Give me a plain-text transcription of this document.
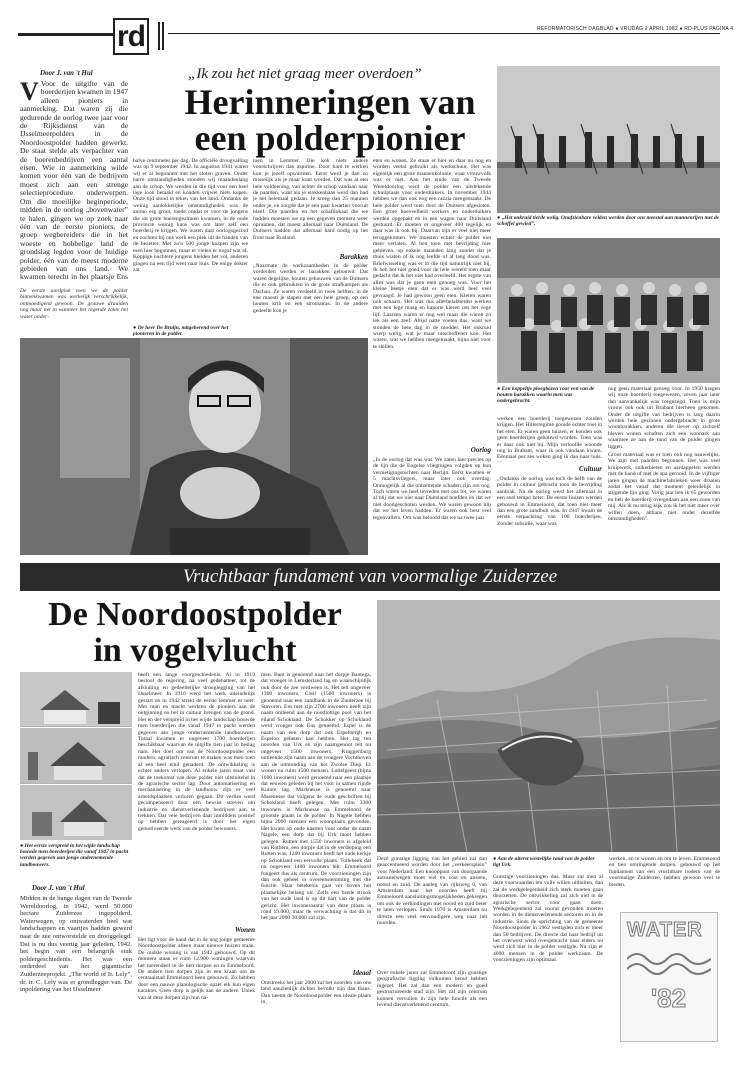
rd	REFORMATORISCH DAGBLAD ● VRIJDAG 2 APRIL 1982 ● RD-PLUS PAGINA 4
Door J. van 't Hul
V Voor de uitgifte van de boerderijen kwamen in 1947 alleen pioniers in aanmerking. Dat waren zij die gedurende de oorlog twee jaar voor de Rijksdienst van de IJsselmeerpolders in de Noordoostpolder hadden gewerkt. De staat stelde als verpachter van de boerenbedrijven een aantal eisen. Wie in aanmerking wilde komen voor één van de bedrijven moest zich aan een strenge selectieprocedure onderwerpen. Om die moeilijke beginperiode, midden in de oorlog „bovenwater” te halen, gingen we op zoek naar één van de eerste pioniers, de groep wegbereiders die in het woeste en hobbelige land de grondslag legden voor de huidige polder, één van de meest moderne gebieden van ons land. We kwamen terecht in het plaatsje Ens
De eerste aardplok toen we de polder binnenkwamen was werkelijk verschrikkelijk, ontmoedigend gewoon. De grauwe draaiden nog maar net in wanneer het regende zakte het water onder-
„Ik zou het niet graag meer overdoen”
Herinneringen van
een polderpionier
halve centimeter per dag. De officiële droogvalling was op 9 september 1942. In augustus 1941 waren wij er al begonnen met het sloten graven. Onder barre omstandigheden stonden wij maandenlang aan de schop. We werden in die tijd voor een heel lage loon betaald en konden vrijwel niets kopen. Onze tijd stond in teken van het land. Ondanks de weinig aanlokkelijke omstandigheden was de animo erg groot, mede omdat er voor de jongens die uit grote boerengezinnen kwamen, in de oude provincie weinig kans was om later zelf een boerderij te krijgen. We waren daar oorlogsgezind en zochten bij ons werk een plek uit de handen van de bezetter. Met zo'n 500 jonge knapen zijn we toen hier begonnen, maar er vielen er nogal wat af. Koppige nuchtere jongens hielden het vol, anderen gingen na een tijd weer naar huis. De enige dokter zat
● De heer De Bruijn, mitgeberend over het pionieren in de polder.
toen in Lemmer. Die kok niets andere voorschrijven dan aspirine. Door hard te werken kon je jezelf opwarmen. Eerst werd je dan zo misselijk als je maar kunt worden. Dat was al een hele voldoening, van achter de schop vandaan naar de paarden, want als je stokkenhaas werd dan had je het helemaal gedaan. Je kreeg dan 25 mannen onder je, en zorgde dat je een paar kwartier vooruit bleef. Die paarden en het schaftlokaal die we hadden moesten we op een gegeven moment weer opruimen, dat moest allemaal naar Duitsland. De Duitsers hadden dat allemaal hard nodig op het front naar Rusland.
Barakken
„Naarmate de werkzaamheden in de polder vorderden werden er barakken gebouwd. Dat waren degelijke, houten gebouwen van de Duitsers die er ook gebruikten in de grote strafkampen als Dachau. Ze waren verdeeld in twee helften, in de ene moesti je slapen met een hele groep, op een houten krib en een stromatras. In de andere gedeelte kon je
eten en wonen. Ze staan er hier en daar nu nog en worden veelal gebruikt als werkschuur. Het was eigenlijk een grote mannenkolonie, waar vrouwvolk was er niet. Aan het einde van de Tweede Wereldoorlog werd de polder een uitstekende schuilplaats voor onderduikers. In november 1944 hebben we dan ook nog een razzia meegemaakt. De hele polder werd toen door de Duitsers afgesloten. Een grote hoeveelheid werkers en onderduikers werden opgepakt en in een wagen naar Duitsland gestuurd. Er moeten er ongeveer 400 tegelijk en daar was ik ook bij. Daarvan zijn er veel niet meer teruggekomen. We moesten echter de polder niet meer verlaten. Al ben toen met bevrijding hier gebleven, op enkele maanden lang zonder dat je thuis wisten of ik nog leefde of al lang dood was. Briefwisseling was er in die tijd natuurlijk niet bij. Ik heb het niet goed voor de hele wereld toen maar gedacht dat ik het niet had overleefd. Het ergste van alles was dat je geen eten genoeg was. Voor het kleine beetje eten dat er was werd heel veel gevraagd. Je had gewoon geen eten. Kleren waren ook schaars. Het was dus allerbelabberdst werken met een lege maag en kapotte kleren om het vege lijf. Laarzen waren er nog wel maar die waren zo lek als een zeef. Altijd natte voeten dus, want we stonden de hele dag in de modder. Het onkruid wierp welig, wat je maar uitschoffelen kon. Het waren, wat we hebben meegemaakt, bijna niet voor te stellen.
Oorlog
„In de oorlog dat was wat. We zaten hier precies op de lijn die de Engelse vliegtuigen volgden op hun vernietigingstochten naar Berlijn. Eerst kwamen er 5 machtsvliegers, maar later ook overdag. Onmogelijk al die ontzettende schaden zijn om nog. Toch waren we heel tevreden met ons lot, we waren al blij dat we niet naar Duitsland hoefden en dat we niet doodgeschoten werden. We waren gewoon blij dat we het leven hadden. Er waren ook best veel tegenvallers. Om was beloofd dat we na twee jaar
● „Het onkruid tierde welig. Onafzienbare velden werden door ons meestal aan mannenrijen met de schoffel gewied”.
● Een koppeltje ploegbazen voor een van de houten barakken waarin men was ondergebracht.
werken een boerderij toegewezen zouden krijgen. Het Hitlerregime gooide echter roet in het eten. Er waren geen huizen, er konden ook geen boerderijen gebouwd worden. Toen was er daar ook niet bij. Mijn verloofde woonde nog in Brabant, waar ik ook vandaan kwam. Eénmaal per zes weken ging ik dan naar huis.
Cultuur
„Ondanks de oorlog was toch de helft van de polder in cultuur gebracht toen de bevrijding aanbrak. Na de oorlog werd het allemaal in een snel tempo beter. De eerste huizen werden gebouwd in Emmeloord, dat toen niet meer dan een grote zandbult was. In 1947 kwam de eerste verpachting van 100 boerderijen. Zonder subsidie, waar was
nog geen materiaal genoeg voor. In 1950 kregen wij onze boerderij toegewezen, zeven jaar later dan aanvankelijk was toegezegd. Toen is mijn vrouw ook ook uit Brabant hierheen gekomen. Onder de uitgifte van bedrijven is tang daarin werden hele gezinnen ondergebracht in grote woonbarakken, anderen die liever op zichzelf bleven wonen schaften zich een woonark aan waarmee ze aan de rand van de polder gingen liggen.
Groot materiaal was er toen ook nog nauwelijks. We zijn met paarden begonnen. Het was veel kruipwerk, suikerbieten en aardappelen werden met de hand of met de spa gerooid. In de vijftiger jaren gingen de machinefabrieken weer draaien zodat het vanaf dat moment geleidelijk in stijgende lijn ging. Vorig jaar ben ik 65 geworden en heb de boerderij overgedaan aan een zoon van mij. Als ik nu terug kijk zou ik het niet meer over willen doen, althans niet onder dezelfde omstandigheden”.
Vruchtbaar fundament van voormalige Zuiderzee
De Noordoostpolder
in vogelvlucht
● Het eerste verspreid in het wijde landschap bouwde men boerderijen die vanaf 1947 in pacht werden gegeven aan jonge ondernemende landbouwers.
Door J. van 't Hul
Midden in de bange dagen van de Tweede Wereldoorlog, in 1942, werd 50.000 hectare Zuiderzee ingepolderd. Waterwegen, op ontwaterden heel wat landschappen en vaartjes hadden gewerd naar de zee ontworstelde en drooggelegd. Dat is nu dus veertig jaar geleden, 1942. het begin van een belangrijk stuk poldergeschiedenis. Het was een onderdeel van het gigantische Zuiderzeeprojekt. „The world of Ir. Lely”, dr. ir. C. Lely was er grondlegger van. De inpoldering van het IJsselmeer
heeft een lange voorgeschiedenis. Al in 1919 besloot de regering, na veel gedebatteer, tot de afsluiting en gedeeltelijke drooglegging van het IJsselmeer. In 1916 werd het werk uiteindelijk gestart en in 1942 strekt de eerste lemmer er neer. Met man en macht werkten de pioniers aan de ontginning en het in cultuur brengen van de grond. Het en der verspreid in het wijde landschap bouwde men boerderijen die vanaf 1947 in pacht werden gegeven aan jonge ondernemende landbouwers. Totaal kwamen er ongeveer 1700 boerderijen beschikbaar waarvan de uitgifte tien jaar in beslag nam. Het doel om van de Noordoostpolder een modern, agrarisch centrum te maken was men toen al een heel eind genaderd. De ontwikkeling is echter anders verlopen. Al enkele jaren staat vast dat de toekomst van deze polder niet uitsluitend in de agrarische sector lag. Door automatisering en mechanisering in de landbouw zijn er veel arbeidsplaatsen verloren gegaan. Dit verlies werd gecompenseerd door een bewust streven om industrie en dienstverlenende bedrijven aan te trekken. Dat vele bedrijven daar inmiddels positief op hebben gereageerd is door het eigen gemotiveerde werk van de polder bewoners.
Wonen
Het ligt voor de hand dat in de nog jonge gemeente Noordoostpolder alleen maar nieuwe huizen staan. De oudste woning is van 1942 gebouwd. Op dit moment staan er ruim 12.900 woningen waarvan het merendeel in de tien dorpen en in Emmeloord. De andere tien dorpen zijn in een kraan om de centraalstad Emmeloord heen gebouwd. Zo hebben door een nauwe planologische opzet elk hun eigen karakter. Geen dorp is gelijk aan de andere. Uniek van al deze dorpen zijn hun na-
men. Bant is genoemd naar het dorpje Bantega, dat vroeger in Lemsterland lag en waarschijnlijk ook door de zee verdween is. Het telt ongeveer 1300 inwoners. Creil (1500 inwoners) is genoemd naar een zandbank in de Zuiderzee bij Stavoren. Ens met zijn 2700 inwoners heeft zijn naam ontleend aan de noodlottige pool van het eiland Schokland. De Schokker op Schokland werd vroeger ook Ens genoemd. Espel is de naam van een dorp dat ook Espelbergh en Espeloo geheten kan hebben. Het lag ten noorden van Urk en zijn naamgenoot telt nu ongeveer 1500 inwoners. Kraggenburg ontleende zijn naam aan de vroegere Vochthoven aan de uitmonding van het Zwolse Diep. Er wonen nu ruim 1500 mensen. Luttelgeest (bijna 1600 inwoners) werd genoemd naar een plaatsje dat eeuwen geleden bij het voor in samen rijnde Kuinre lag. Marknesse is genoemd naar Marenesse dat volgens de oude geschriften bij Schokland heeft gelegen. Met ruim 3300 inwoners is Marknesse na Emmeloord de grootste plaats in de polder. In Nagele hebben bijna 2000 mensen een woonplaats gevonden. Het kwam op oude kaarten voor onder de naam Nagele, een dorp dat bij Urk moet hebben gelegen. Rutten met 1550 inwoners is afgeleid van Rothem, een dorpje dat in de verdieping een Rutten was, 1200 inwoners heeft het oude kerkje op Schokland een eervolle plaats. Tollebeek dat nu ongeveer 1400 inwoners telt. Emmeloord fungeert dus als centrum. De voorzieningen zijn dan ook geheel in overeenstemming met die functie. Haar betekenis gaat ver boven het plaatselijke belang uit. Zelfs een brede strook van het oude land is op dit hart van de polder gericht. Het inwoneraantal van deze plaats is rond 19.000, maar de verwachting is dat dit in het jaar 2000 30.000 zal zijn.
Ideaal
Omstreeks het jaar 2000 zal het noorden van ons land aanzienlijk dichter bevolkt zijn dan thans. Dan neemt de Noordoostpolder een ideale plaats in,
Deze gunstige ligging van het gebied zal dan geaccentueerd worden door het „verkeersplein” voor Nederland. Een knooppunt van doorgaande autosnelwegen moet wel en cost en ansoen, noord en zuid. De aanleg van rijksweg 6, van Amsterdam naar het noorden heeft bij Emmeloord aansluitingsmogelijkheden gekregen om ook de verbindingen met noord en zuid beter te laten verlopen. Sinds 1970 is Amsterdam nu directe een veel eenvoudigere weg naar het noorden.
Over enkele jaren zal Emmeloord zijn gunstige geografische ligging volkomen benut hebben ingezet. Het zal dan een modern en goed gestructureerde stad zijn. Het zal zijn centrum kunnen vervullen in zijn hele functie als een levend dienstverlenend centrum.
● Aan de uiterst westelijke rand van de polder ligt Urk.
Gunstige voorzieningen dus. Maar zal men al deze voorwaarden ten volle willen uitbuiten, dan zal de werkgelegenheid zich sterk moeten gaan doorzetten. De ontwikkeling zal zich niet in de agrarische sector voor gaan doen. Werkgelegenheid zal vooral gevonden moeten worden in de dienstverlenende sectoren en in de industrie. Sinds de oprichting van de gemeente Noordoostpolder in 1962 vestigden zich er meer dan 50 bedrijven. De directe dat haar bedrijf uit het overwest werd overgebracht naar elders nu werd zich hier in de polder vestigde. Nu zijn er 4000 mensen in de polder werkzaam. De voorzieningen zijn optimaal.
werken, en te wonen en om te leven. Emmeloord en tien omringende dorpen, gebouwd op het fundament van een vruchtbare bodem van de voormalige Zuiderzee, hebben gewoon veel te bieden.
WATER
'82
